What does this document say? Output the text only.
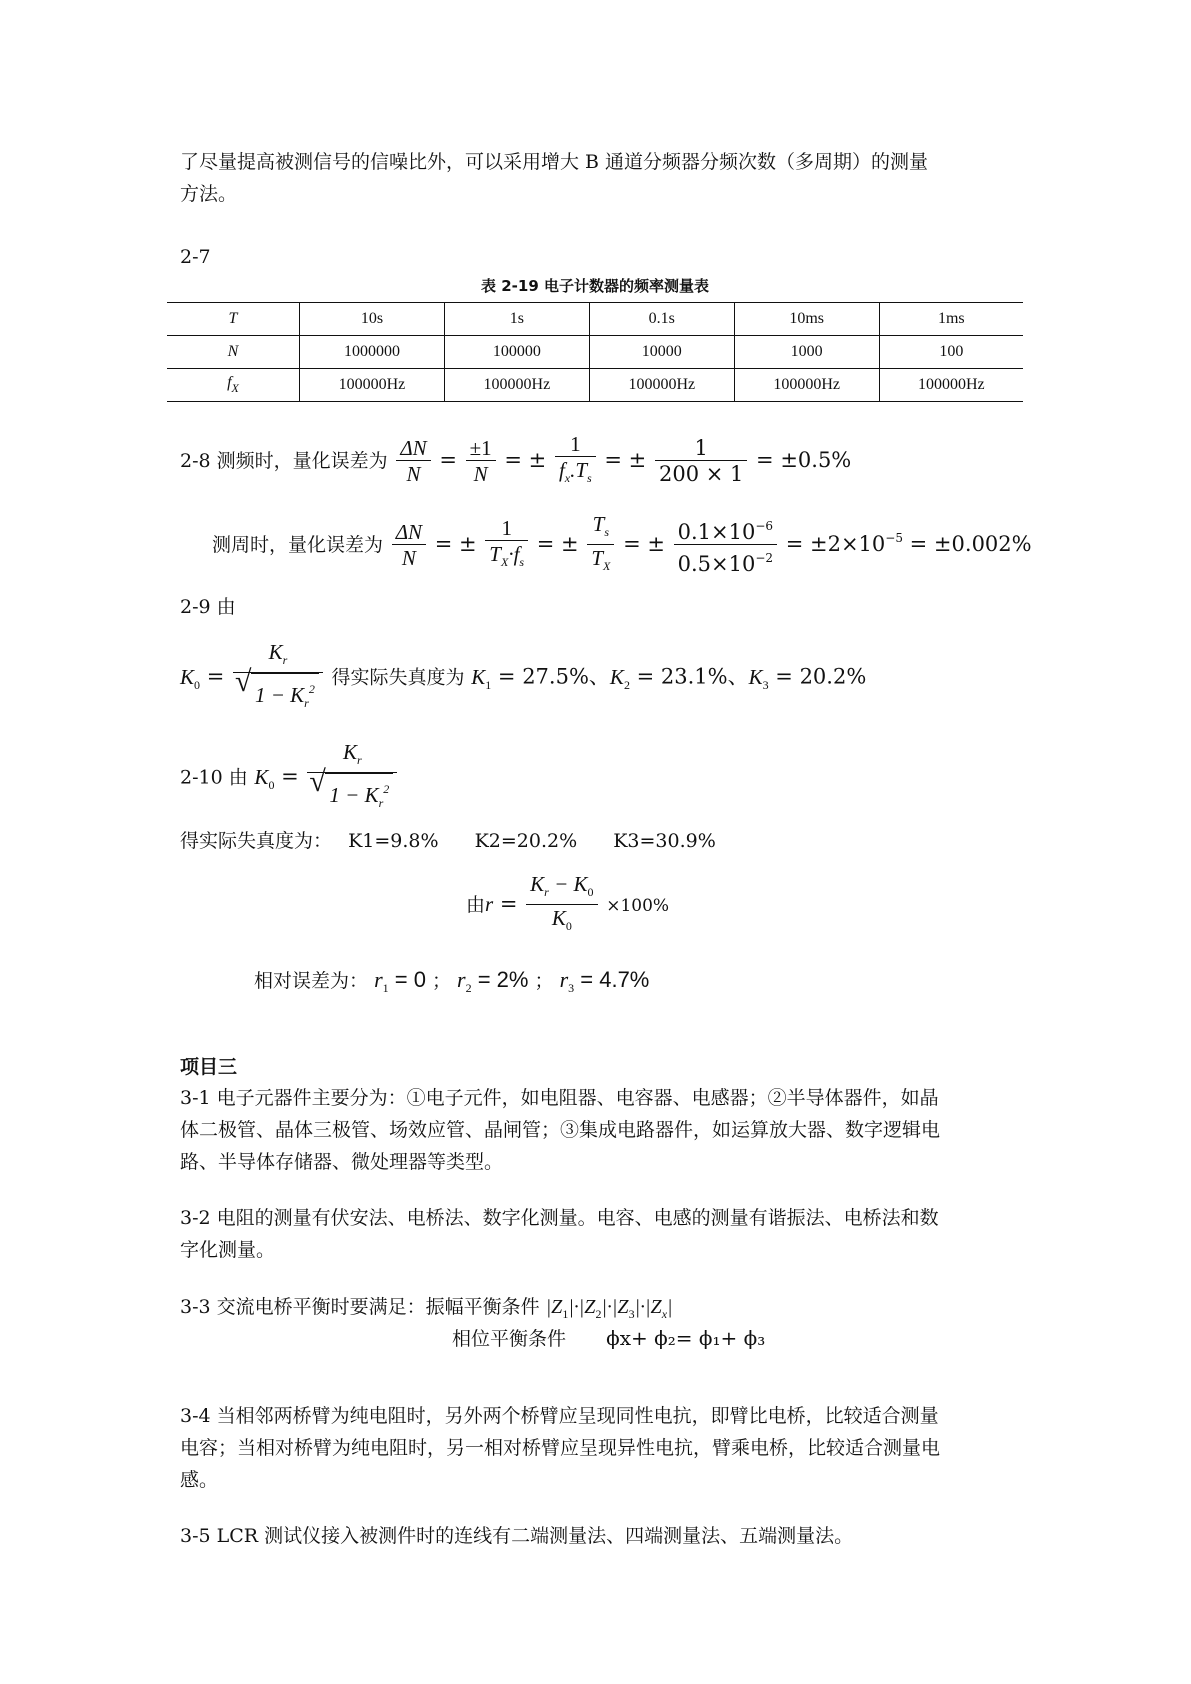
了尽量提高被测信号的信噪比外，可以采用增大 B 通道分频器分频次数（多周期）的测量
方法。
2-7
表 2-19 电子计数器的频率测量表
T	10s	1s	0.1s	10ms	1ms
N	1000000	100000	10000	1000	100
$f_X$	100000Hz	100000Hz	100000Hz	100000Hz	100000Hz
2-8 测频时，量化误差为 $\frac{\Delta N}{N} = \frac{\pm 1}{N}$ = ± $\frac{1}{f_x.T_s}$ = ± $\frac{1}{200 \times 1} = \pm 0.5\%$
测周时，量化误差为 $\frac{\Delta N}{N}$ = ± $\frac{1}{T_X\cdot f_s}$ = ± $\frac{T_s}{T_X}$ = ± $\frac{0.1\times 10^{-6}}{0.5\times 10^{-2}} = \pm 2\times 10^{-5} = \pm 0.002\%$
2-9 由
$K_0 = K_r$
√ $1 - K_r^2$ 得实际失真度为 $K_1 = 27.5\%$、$K_2 = 23.1\%$、$K_3 = 20.2\%$
2-10 由 $K_0 = K_r$
√ $1 - K_r^2$
得实际失真度为： K1=9.8% K2=20.2% K3=30.9%
由$r = \frac{K_r - K_0}{K_0} \times 100\%$
相对误差为： $r_1 = 0$ ； $r_2 = 2\%$ ； $r_3 = 4.7\%$
项目三
3-1 电子元器件主要分为：①电子元件，如电阻器、电容器、电感器；②半导体器件，如晶
体二极管、晶体三极管、场效应管、晶闸管；③集成电路器件，如运算放大器、数字逻辑电
路、半导体存储器、微处理器等类型。
3-2 电阻的测量有伏安法、电桥法、数字化测量。电容、电感的测量有谐振法、电桥法和数
字化测量。
3-3 交流电桥平衡时要满足：振幅平衡条件 $|Z_1|\cdot|Z_2|\cdot|Z_3|\cdot|Z_x|$
相位平衡条件 ϕx+ ϕ₂= ϕ₁+ ϕ₃
3-4 当相邻两桥臂为纯电阻时，另外两个桥臂应呈现同性电抗，即臂比电桥，比较适合测量
电容；当相对桥臂为纯电阻时，另一相对桥臂应呈现异性电抗，臂乘电桥，比较适合测量电
感。
3-5 LCR 测试仪接入被测件时的连线有二端测量法、四端测量法、五端测量法。
